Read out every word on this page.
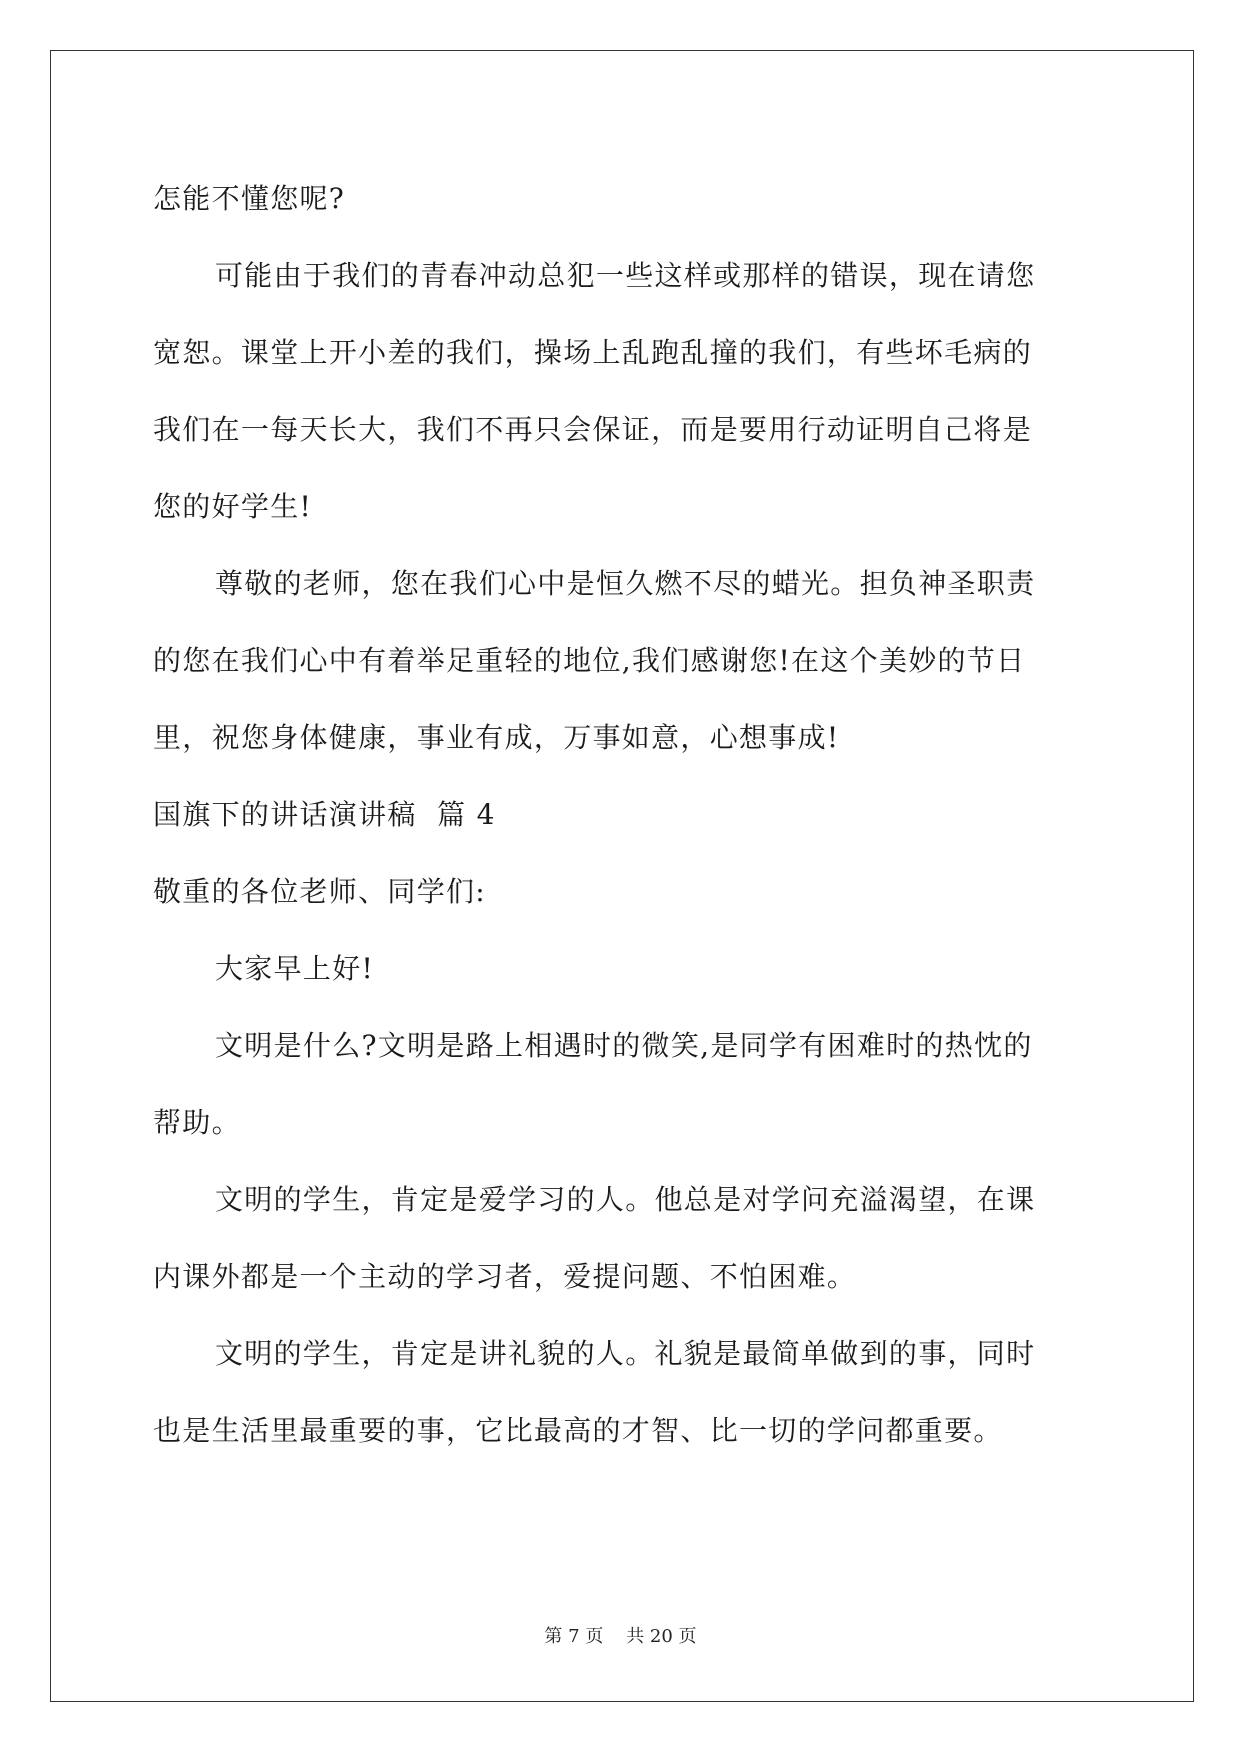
怎能不懂您呢?

可能由于我们的青春冲动总犯一些这样或那样的错误，现在请您

宽恕。课堂上开小差的我们，操场上乱跑乱撞的我们，有些坏毛病的

我们在一每天长大，我们不再只会保证，而是要用行动证明自己将是

您的好学生!

尊敬的老师，您在我们心中是恒久燃不尽的蜡光。担负神圣职责

的您在我们心中有着举足重轻的地位,我们感谢您!在这个美妙的节日

里，祝您身体健康，事业有成，万事如意，心想事成!

国旗下的讲话演讲稿  篇 4

敬重的各位老师、同学们:

大家早上好!

文明是什么?文明是路上相遇时的微笑,是同学有困难时的热忱的

帮助。

文明的学生，肯定是爱学习的人。他总是对学问充溢渴望，在课

内课外都是一个主动的学习者，爱提问题、不怕困难。

文明的学生，肯定是讲礼貌的人。礼貌是最简单做到的事，同时

也是生活里最重要的事，它比最高的才智、比一切的学问都重要。

第 7 页    共 20 页
